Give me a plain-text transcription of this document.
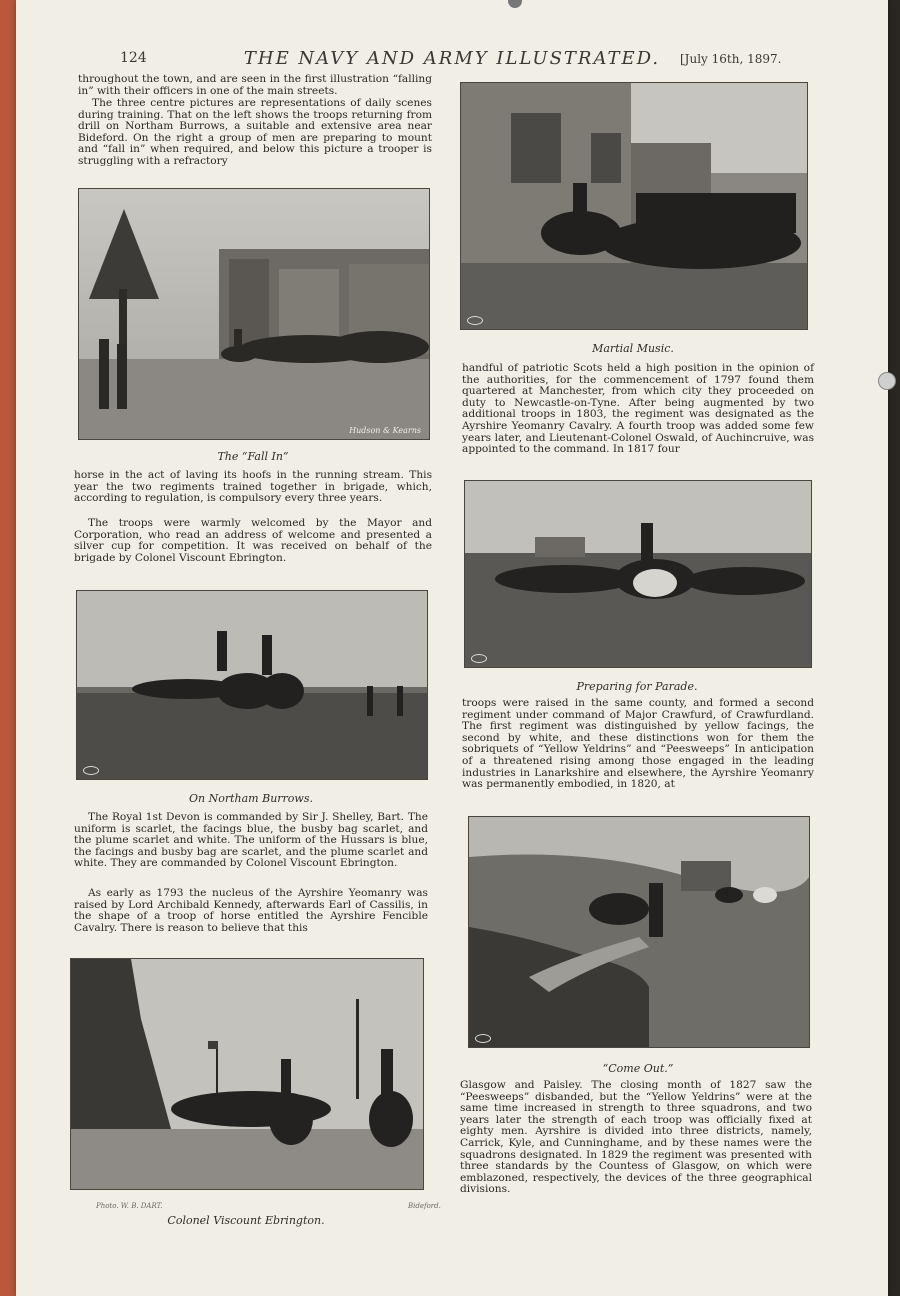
124	THE NAVY AND ARMY ILLUSTRATED.	[July 16th, 1897.

throughout the town, and are seen in the first illustration “falling in” with their officers in one of the main streets.

The three centre pictures are representations of daily scenes during training. That on the left shows the troops returning from drill on Northam Burrows, a suitable and extensive area near Bideford. On the right a group of men are preparing to mount and “fall in” when required, and below this picture a trooper is struggling with a refractory

Hudson & Kearns
The “Fall In”

horse in the act of laving its hoofs in the running stream. This year the two regiments trained together in brigade, which, according to regulation, is compulsory every three years.

The troops were warmly welcomed by the Mayor and Corporation, who read an address of welcome and presented a silver cup for competition. It was received on behalf of the brigade by Colonel Viscount Ebrington.

On Northam Burrows.

The Royal 1st Devon is commanded by Sir J. Shelley, Bart. The uniform is scarlet, the facings blue, the busby bag scarlet, and the plume scarlet and white. The uniform of the Hussars is blue, the facings and busby bag are scarlet, and the plume scarlet and white. They are commanded by Colonel Viscount Ebrington.

As early as 1793 the nucleus of the Ayrshire Yeomanry was raised by Lord Archibald Kennedy, afterwards Earl of Cassilis, in the shape of a troop of horse entitled the Ayrshire Fencible Cavalry. There is reason to believe that this

Photo. W. B. DART.	Bideford.
Colonel Viscount Ebrington.
Martial Music.

handful of patriotic Scots held a high position in the opinion of the authorities, for the commencement of 1797 found them quartered at Manchester, from which city they proceeded on duty to Newcastle-on-Tyne. After being augmented by two additional troops in 1803, the regiment was designated as the Ayrshire Yeomanry Cavalry. A fourth troop was added some few years later, and Lieutenant-Colonel Oswald, of Auchincruive, was appointed to the command. In 1817 four

Preparing for Parade.

troops were raised in the same county, and formed a second regiment under command of Major Crawfurd, of Crawfurdland. The first regiment was distinguished by yellow facings, the second by white, and these distinctions won for them the sobriquets of “Yellow Yeldrins” and “Peesweeps” In anticipation of a threatened rising among those engaged in the leading industries in Lanarkshire and elsewhere, the Ayrshire Yeomanry was permanently embodied, in 1820, at

“Come Out.”

Glasgow and Paisley. The closing month of 1827 saw the “Peesweeps” disbanded, but the “Yellow Yeldrins” were at the same time increased in strength to three squadrons, and two years later the strength of each troop was officially fixed at eighty men. Ayrshire is divided into three districts, namely, Carrick, Kyle, and Cunninghame, and by these names were the squadrons designated. In 1829 the regiment was presented with three standards by the Countess of Glasgow, on which were emblazoned, respectively, the devices of the three geographical divisions.
